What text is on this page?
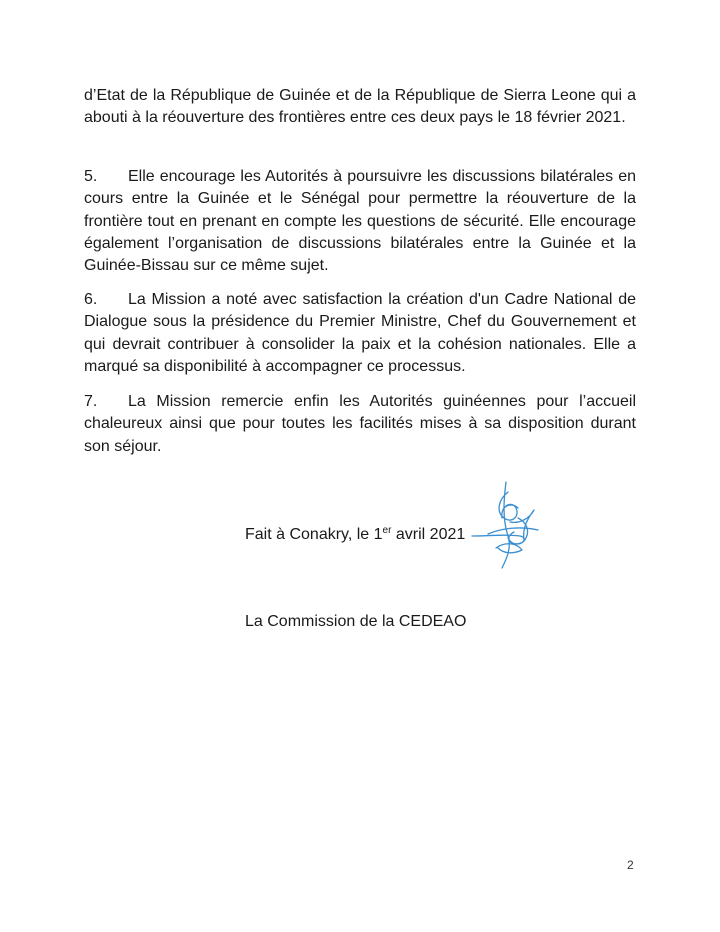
d’Etat de la République de Guinée et de la République de Sierra Leone qui a abouti à la réouverture des frontières entre ces deux pays le 18 février 2021.

5. Elle encourage les Autorités à poursuivre les discussions bilatérales en cours entre la Guinée et le Sénégal pour permettre la réouverture de la frontière tout en prenant en compte les questions de sécurité. Elle encourage également l’organisation de discussions bilatérales entre la Guinée et la Guinée-Bissau sur ce même sujet.

6. La Mission a noté avec satisfaction la création d'un Cadre National de Dialogue sous la présidence du Premier Ministre, Chef du Gouvernement et qui devrait contribuer à consolider la paix et la cohésion nationales. Elle a marqué sa disponibilité à accompagner ce processus.

7. La Mission remercie enfin les Autorités guinéennes pour l’accueil chaleureux ainsi que pour toutes les facilités mises à sa disposition durant son séjour.

Fait à Conakry, le 1er avril 2021
La Commission de la CEDEAO
2
